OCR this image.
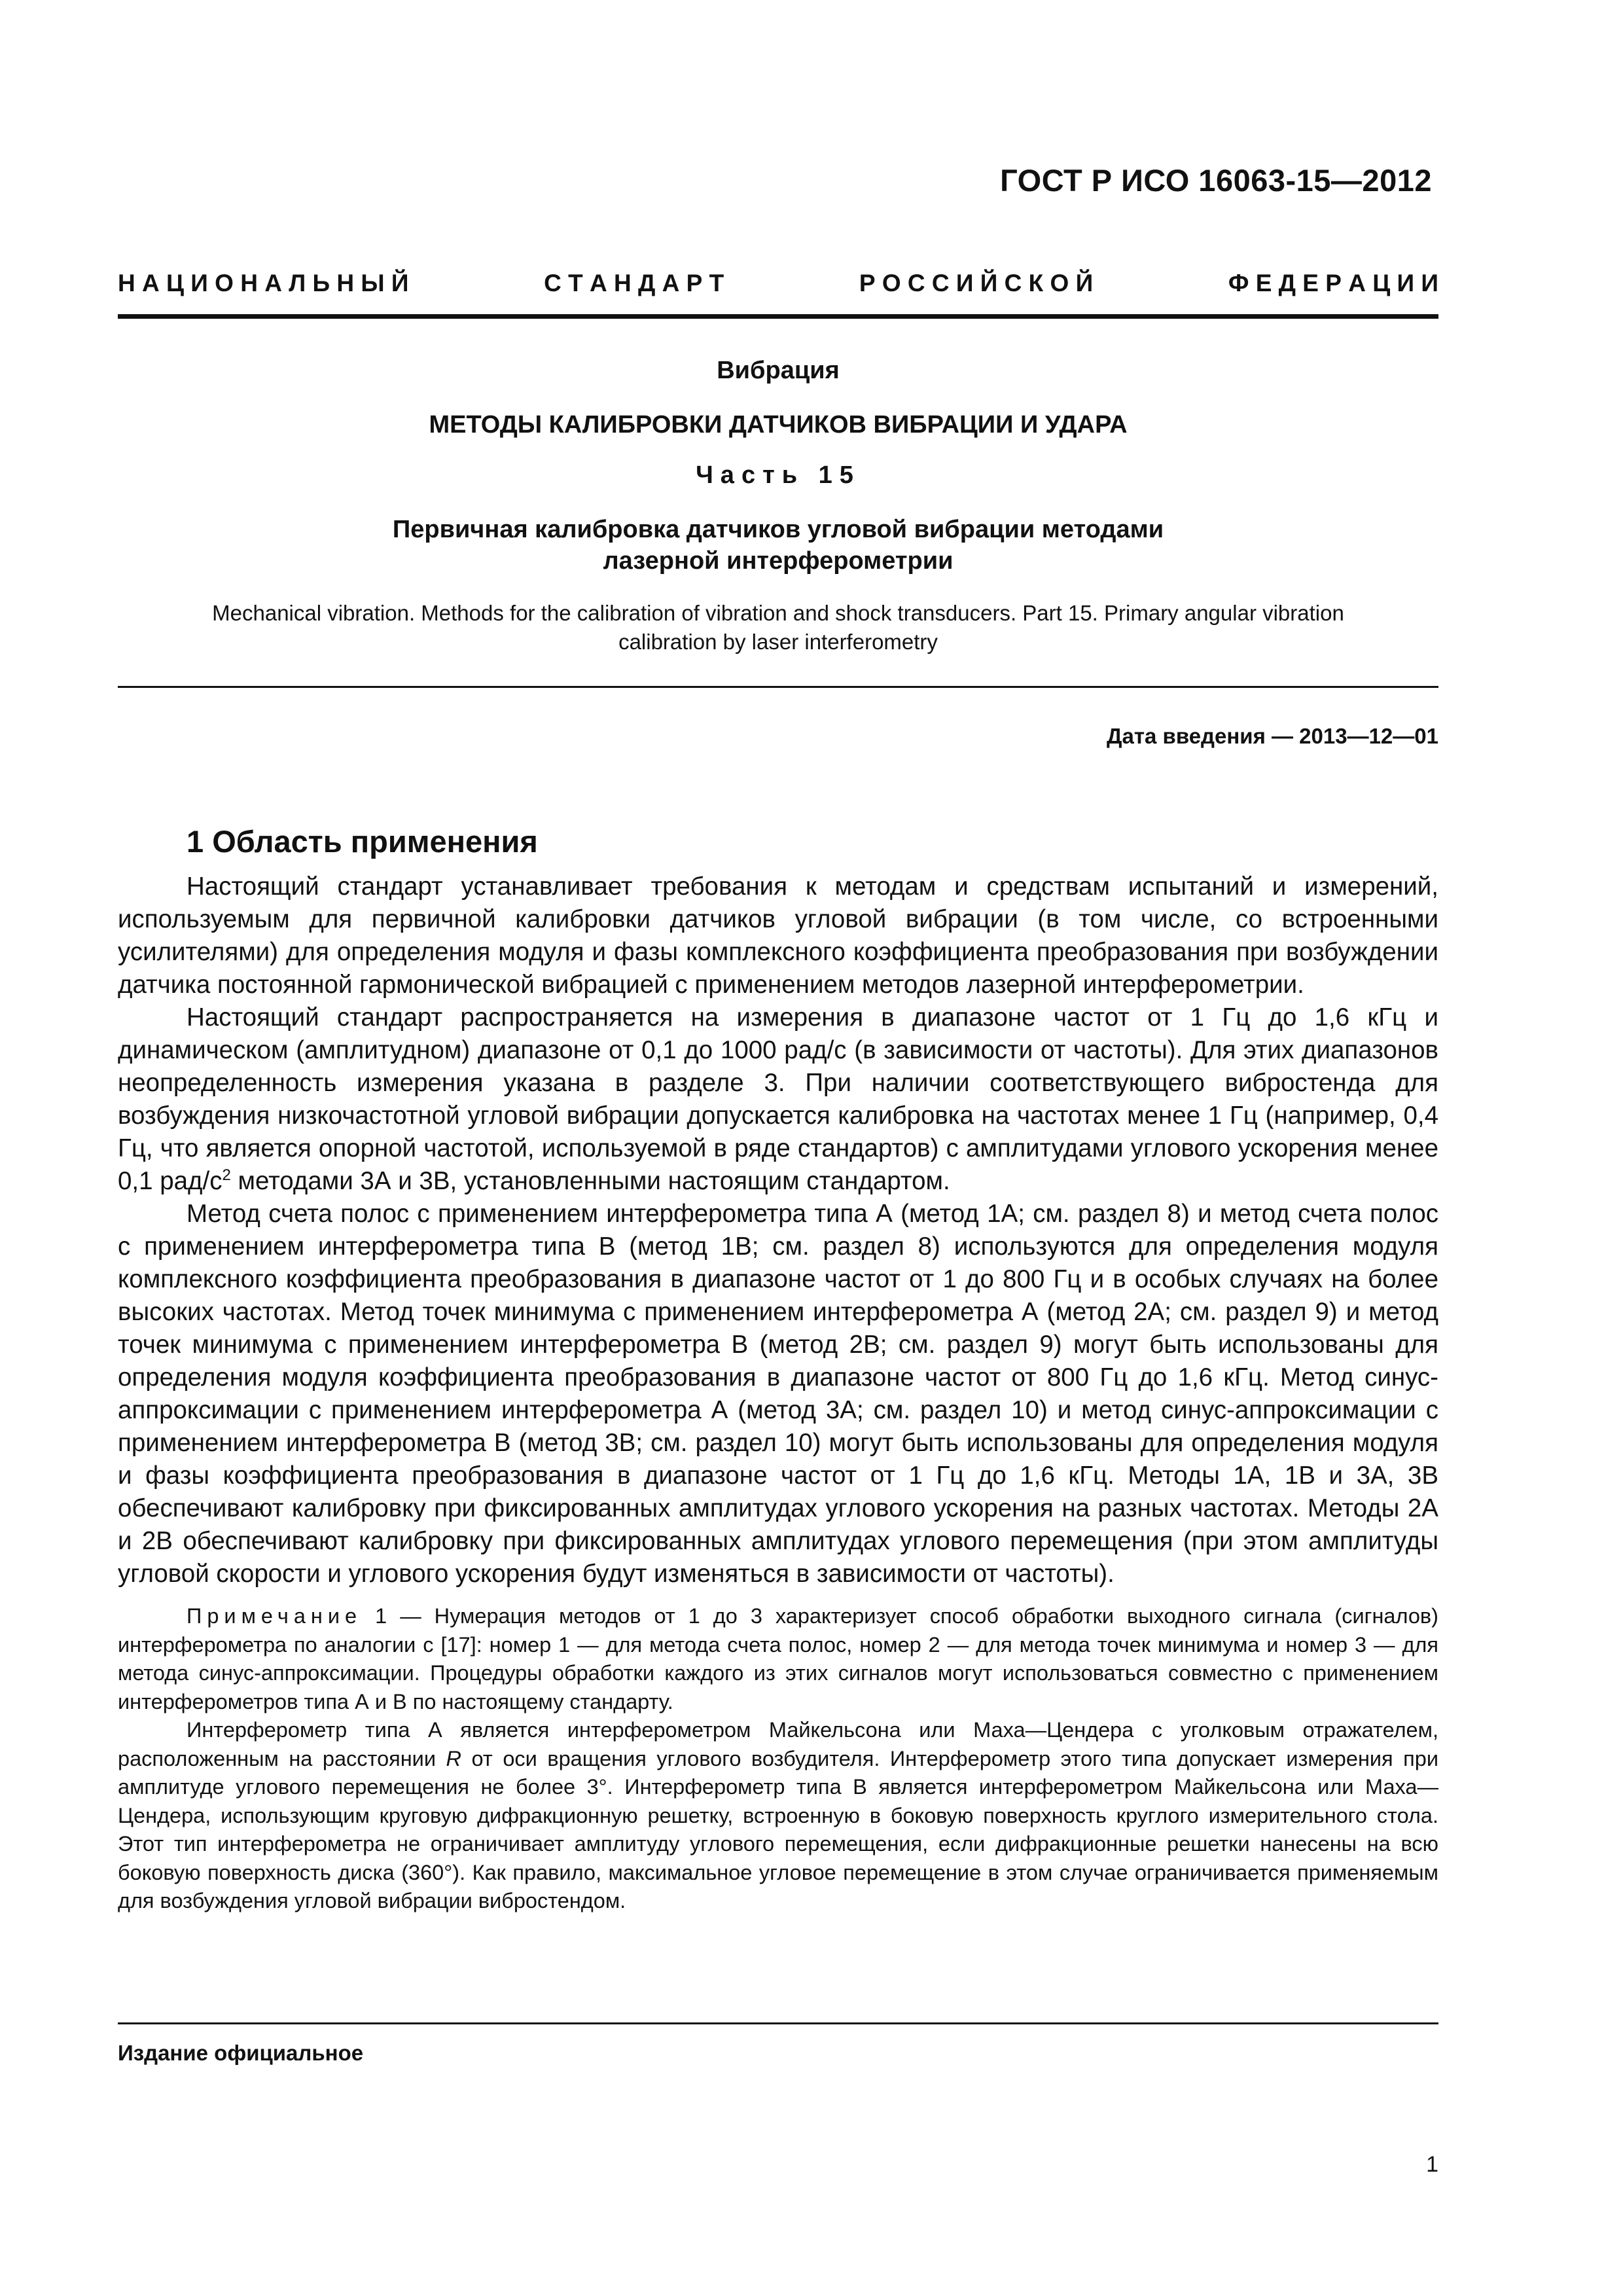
ГОСТ Р ИСО 16063-15—2012
Н А Ц И О Н А Л Ь Н Ы Й	С Т А Н Д А Р Т	Р О С С И Й С К О Й	Ф Е Д Е Р А Ц И И
Вибрация
МЕТОДЫ КАЛИБРОВКИ ДАТЧИКОВ ВИБРАЦИИ И УДАРА
Часть 15
Первичная калибровка датчиков угловой вибрации методами
лазерной интерферометрии
Mechanical vibration. Methods for the calibration of vibration and shock transducers. Part 15. Primary angular vibration
calibration by laser interferometry
Дата введения — 2013—12—01
1 Область применения

Настоящий стандарт устанавливает требования к методам и средствам испытаний и измерений, используемым для первичной калибровки датчиков угловой вибрации (в том числе, со встроенными усилителями) для определения модуля и фазы комплексного коэффициента преобразования при возбуждении датчика постоянной гармонической вибрацией с применением методов лазерной интерферометрии.

Настоящий стандарт распространяется на измерения в диапазоне частот от 1 Гц до 1,6 кГц и динамическом (амплитудном) диапазоне от 0,1 до 1000 рад/с (в зависимости от частоты). Для этих диапазонов неопределенность измерения указана в разделе 3. При наличии соответствующего вибростенда для возбуждения низкочастотной угловой вибрации допускается калибровка на частотах менее 1 Гц (например, 0,4 Гц, что является опорной частотой, используемой в ряде стандартов) с амплитудами углового ускорения менее 0,1 рад/$с^2$ методами 3А и 3В, установленными настоящим стандартом.

Метод счета полос с применением интерферометра типа А (метод 1А; см. раздел 8) и метод счета полос с применением интерферометра типа В (метод 1В; см. раздел 8) используются для определения модуля комплексного коэффициента преобразования в диапазоне частот от 1 до 800 Гц и в особых случаях на более высоких частотах. Метод точек минимума с применением интерферометра А (метод 2А; см. раздел 9) и метод точек минимума с применением интерферометра В (метод 2В; см. раздел 9) могут быть использованы для определения модуля коэффициента преобразования в диапазоне частот от 800 Гц до 1,6 кГц. Метод синус-аппроксимации с применением интерферометра А (метод 3А; см. раздел 10) и метод синус-аппроксимации с применением интерферометра В (метод 3В; см. раздел 10) могут быть использованы для определения модуля и фазы коэффициента преобразования в диапазоне частот от 1 Гц до 1,6 кГц. Методы 1А, 1В и 3А, 3В обеспечивают калибровку при фиксированных амплитудах углового ускорения на разных частотах. Методы 2А и 2В обеспечивают калибровку при фиксированных амплитудах углового перемещения (при этом амплитуды угловой скорости и углового ускорения будут изменяться в зависимости от частоты).

Примечание 1 — Нумерация методов от 1 до 3 характеризует способ обработки выходного сигнала (сигналов) интерферометра по аналогии с [17]: номер 1 — для метода счета полос, номер 2 — для метода точек минимума и номер 3 — для метода синус-аппроксимации. Процедуры обработки каждого из этих сигналов могут использоваться совместно с применением интерферометров типа А и В по настоящему стандарту.

Интерферометр типа А является интерферометром Майкельсона или Маха—Цендера с уголковым отражателем, расположенным на расстоянии R от оси вращения углового возбудителя. Интерферометр этого типа допускает измерения при амплитуде углового перемещения не более 3°. Интерферометр типа В является интерферометром Майкельсона или Маха—Цендера, использующим круговую дифракционную решетку, встроенную в боковую поверхность круглого измерительного стола. Этот тип интерферометра не ограничивает амплитуду углового перемещения, если дифракционные решетки нанесены на всю боковую поверхность диска (360°). Как правило, максимальное угловое перемещение в этом случае ограничивается применяемым для возбуждения угловой вибрации вибростендом.

Издание официальное
1
